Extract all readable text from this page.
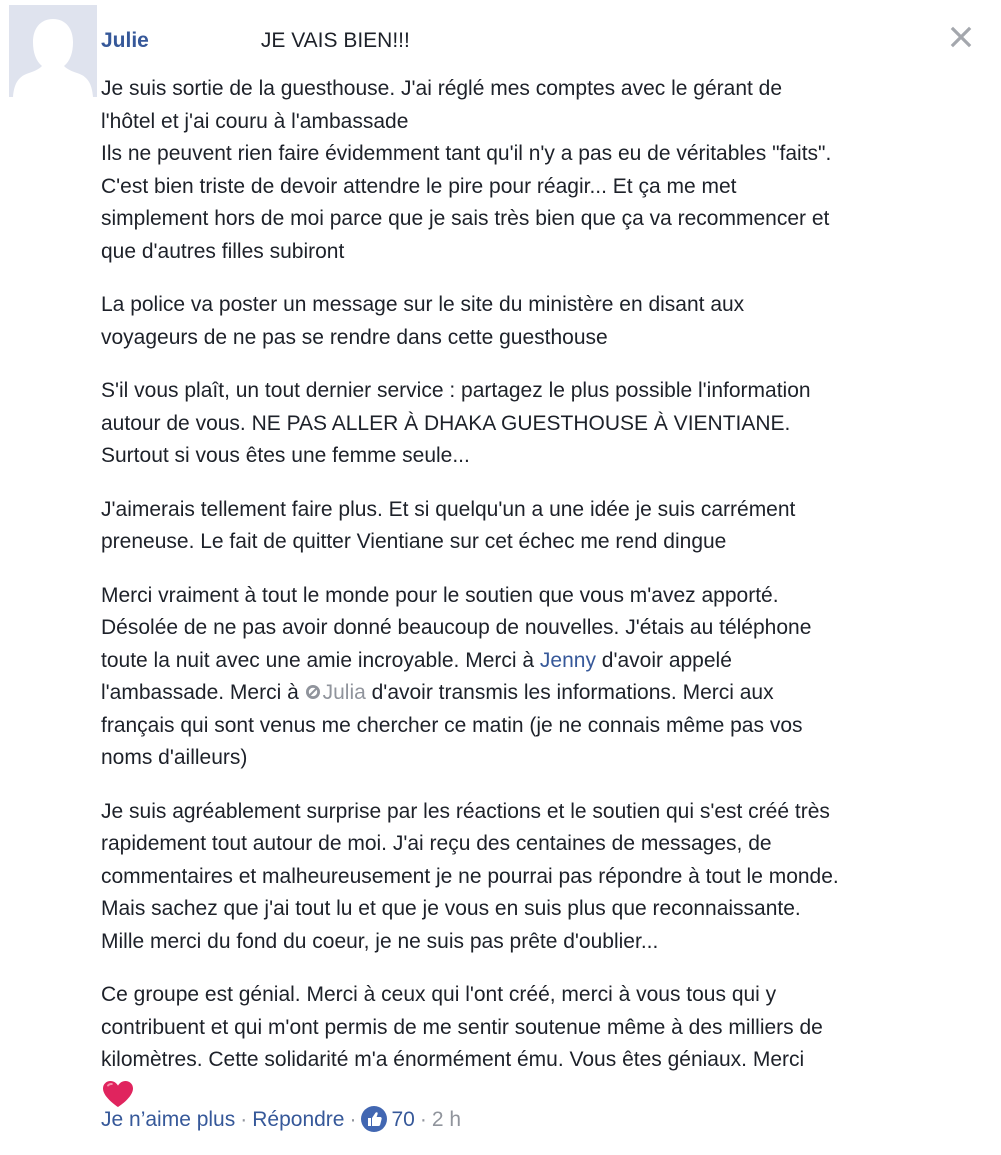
Julie	JE VAIS BIEN!!!

Je suis sortie de la guesthouse. J'ai réglé mes comptes avec le gérant de
l'hôtel et j'ai couru à l'ambassade
Ils ne peuvent rien faire évidemment tant qu'il n'y a pas eu de véritables "faits".
C'est bien triste de devoir attendre le pire pour réagir... Et ça me met
simplement hors de moi parce que je sais très bien que ça va recommencer et
que d'autres filles subiront

La police va poster un message sur le site du ministère en disant aux
voyageurs de ne pas se rendre dans cette guesthouse

S'il vous plaît, un tout dernier service : partagez le plus possible l'information
autour de vous. NE PAS ALLER À DHAKA GUESTHOUSE À VIENTIANE.
Surtout si vous êtes une femme seule...

J'aimerais tellement faire plus. Et si quelqu'un a une idée je suis carrément
preneuse. Le fait de quitter Vientiane sur cet échec me rend dingue

Merci vraiment à tout le monde pour le soutien que vous m'avez apporté.
Désolée de ne pas avoir donné beaucoup de nouvelles. J'étais au téléphone
toute la nuit avec une amie incroyable. Merci à Jenny d'avoir appelé
l'ambassade. Merci à Julia d'avoir transmis les informations. Merci aux
français qui sont venus me chercher ce matin (je ne connais même pas vos
noms d'ailleurs)

Je suis agréablement surprise par les réactions et le soutien qui s'est créé très
rapidement tout autour de moi. J'ai reçu des centaines de messages, de
commentaires et malheureusement je ne pourrai pas répondre à tout le monde.
Mais sachez que j'ai tout lu et que je vous en suis plus que reconnaissante.
Mille merci du fond du coeur, je ne suis pas prête d'oublier...

Ce groupe est génial. Merci à ceux qui l'ont créé, merci à vous tous qui y
contribuent et qui m'ont permis de me sentir soutenue même à des milliers de
kilomètres. Cette solidarité m'a énormément ému. Vous êtes géniaux. Merci

Je n’aime plus · Répondre · 70 · 2 h
